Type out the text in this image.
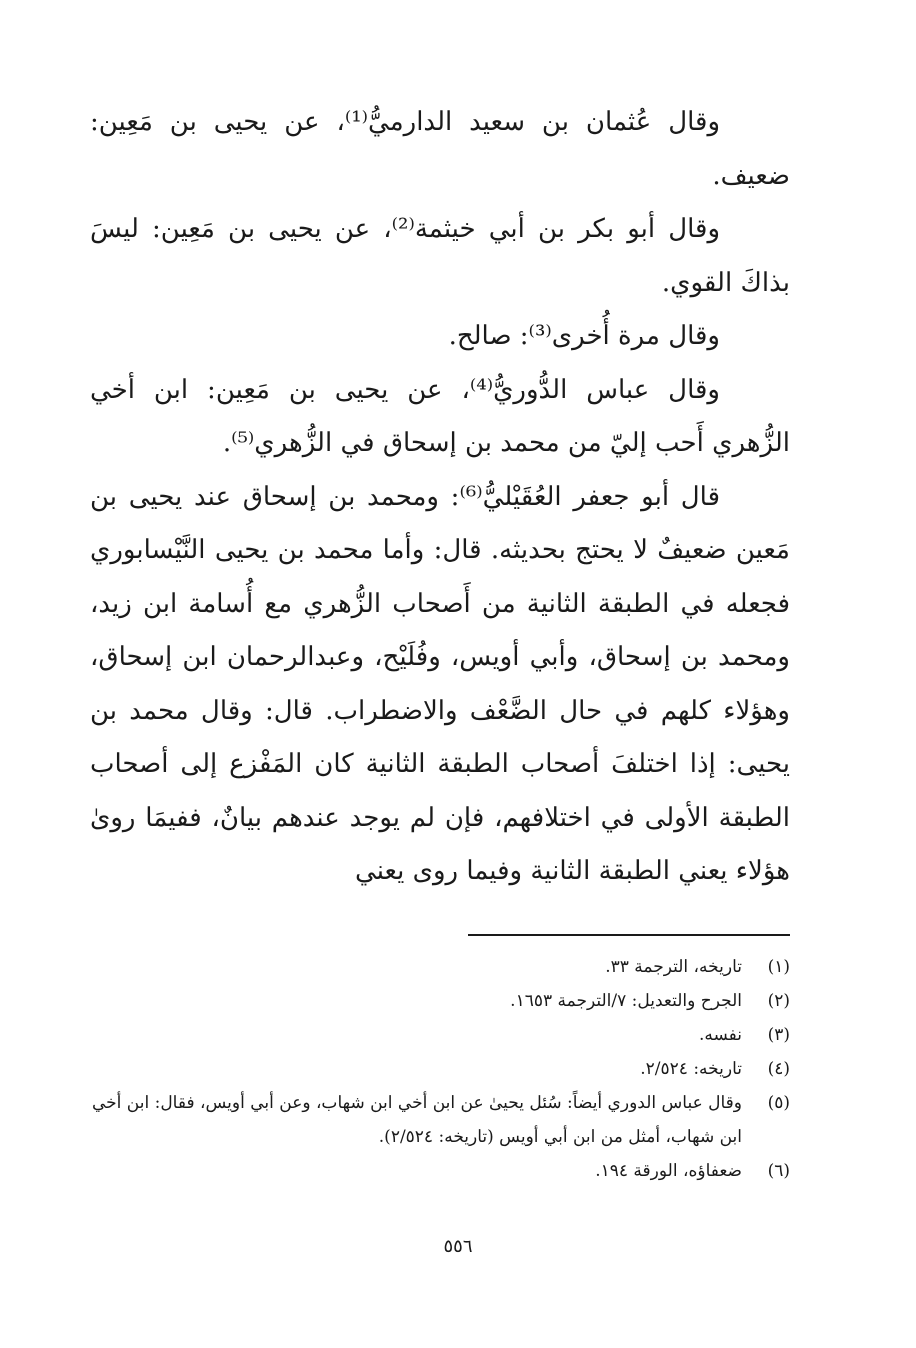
وقال عُثمان بن سعيد الدارميُّ⁽¹⁾، عن يحيى بن مَعِين: ضعيف.

وقال أبو بكر بن أبي خيثمة⁽²⁾، عن يحيى بن مَعِين: ليسَ بذاكَ القوي.

وقال مرة أُخرى⁽³⁾: صالح.

وقال عباس الدُّوريُّ⁽⁴⁾، عن يحيى بن مَعِين: ابن أخي الزُّهري أَحب إليّ من محمد بن إسحاق في الزُّهري⁽⁵⁾.

قال أبو جعفر العُقَيْليُّ⁽⁶⁾: ومحمد بن إسحاق عند يحيى بن مَعين ضعيفٌ لا يحتج بحديثه. قال: وأما محمد بن يحيى النَّيْسابوري فجعله في الطبقة الثانية من أَصحاب الزُّهري مع أُسامة ابن زيد، ومحمد بن إسحاق، وأبي أويس، وفُلَيْح، وعبدالرحمان ابن إسحاق، وهؤلاء كلهم في حال الضَّعْف والاضطراب. قال: وقال محمد بن يحيى: إذا اختلفَ أصحاب الطبقة الثانية كان المَفْزع إلى أصحاب الطبقة الأولى في اختلافهم، فإن لم يوجد عندهم بيانٌ، ففيمَا روىٰ هؤلاء يعني الطبقة الثانية وفيما روى يعني

(١)
تاريخه، الترجمة ٣٣.
(٢)
الجرح والتعديل: ٧/الترجمة ١٦٥٣.
(٣)
نفسه.
(٤)
تاريخه: ٢/٥٢٤.
(٥)
وقال عباس الدوري أيضاً: سُئل يحيىٰ عن ابن أخي ابن شهاب، وعن أبي أويس، فقال: ابن أخي ابن شهاب، أمثل من ابن أبي أويس (تاريخه: ٢/٥٢٤).
(٦)
ضعفاؤه، الورقة ١٩٤.
٥٥٦
